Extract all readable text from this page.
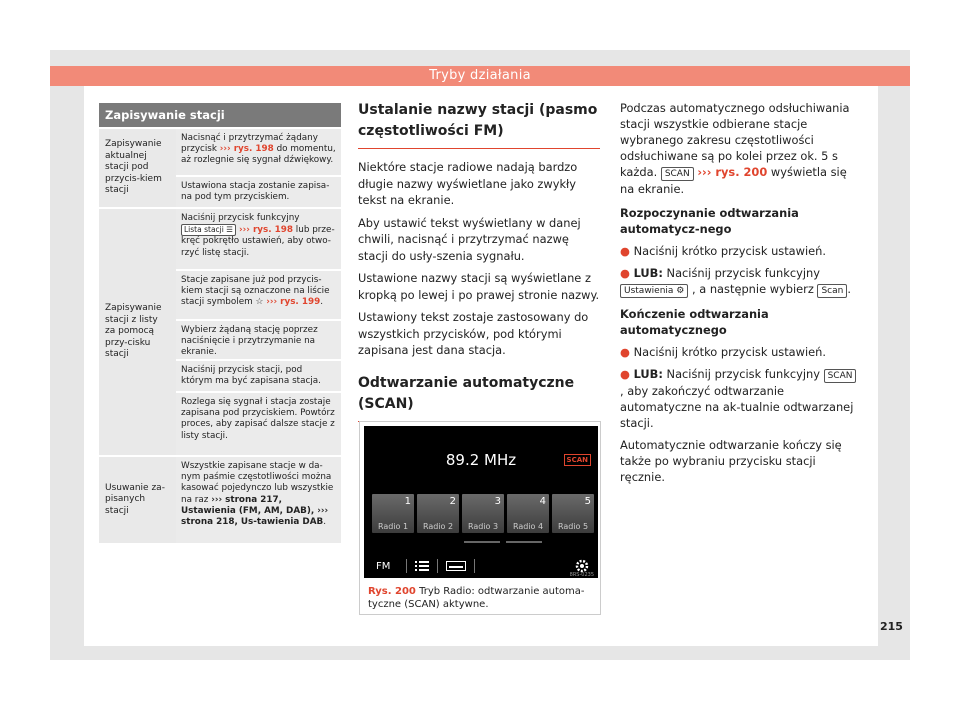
Tryby działania
Zapisywanie stacji
Zapisywanie aktualnej stacji pod przycis-kiem stacji
Nacisnąć i przytrzymać żądany przycisk ››› rys. 198 do momentu, aż rozlegnie się sygnał dźwiękowy.
Ustawiona stacja zostanie zapisa-na pod tym przyciskiem.
Zapisywanie stacji z listy za pomocą przy-cisku stacji
Naciśnij przycisk funkcyjny Lista stacji ☰ ››› rys. 198 lub prze-kręć pokrętło ustawień, aby otwo-rzyć listę stacji.
Stacje zapisane już pod przycis-kiem stacji są oznaczone na liście stacji symbolem ☆ ››› rys. 199.
Wybierz żądaną stację poprzez naciśnięcie i przytrzymanie na ekranie.
Naciśnij przycisk stacji, pod którym ma być zapisana stacja.
Rozlega się sygnał i stacja zostaje zapisana pod przyciskiem. Powtórz proces, aby zapisać dalsze stacje z listy stacji.
Usuwanie za-pisanych stacji
Wszystkie zapisane stacje w da-nym paśmie częstotliwości można kasować pojedynczo lub wszystkie na raz ››› strona 217, Ustawienia (FM, AM, DAB), ››› strona 218, Us-tawienia DAB.
Ustalanie nazwy stacji (pasmo częstotliwości FM)
Niektóre stacje radiowe nadają bardzo długie nazwy wyświetlane jako zwykły tekst na ekranie.
Aby ustawić tekst wyświetlany w danej chwili, nacisnąć i przytrzymać nazwę stacji do usły-szenia sygnału.
Ustawione nazwy stacji są wyświetlane z kropką po lewej i po prawej stronie nazwy.
Ustawiony tekst zostaje zastosowany do wszystkich przycisków, pod którymi zapisana jest dana stacja.
Odtwarzanie automatyczne (SCAN)
89.2 MHz	SCAN
1
Radio 1
2
Radio 2
3
Radio 3
4
Radio 4
5
Radio 5
FM
8RS-0235
Rys. 200 Tryb Radio: odtwarzanie automa-tyczne (SCAN) aktywne.
Podczas automatycznego odsłuchiwania stacji wszystkie odbierane stacje wybranego zakresu częstotliwości odsłuchiwane są po kolei przez ok. 5 s każda. SCAN ››› rys. 200 wyświetla się na ekranie.
Rozpoczynanie odtwarzania automatycz-nego
● Naciśnij krótko przycisk ustawień.
● LUB: Naciśnij przycisk funkcyjny Ustawienia ⚙ , a następnie wybierz Scan .
Kończenie odtwarzania automatycznego
● Naciśnij krótko przycisk ustawień.
● LUB: Naciśnij przycisk funkcyjny SCAN, aby zakończyć odtwarzanie automatyczne na ak-tualnie odtwarzanej stacji.
Automatycznie odtwarzanie kończy się także po wybraniu przycisku stacji ręcznie.
215
